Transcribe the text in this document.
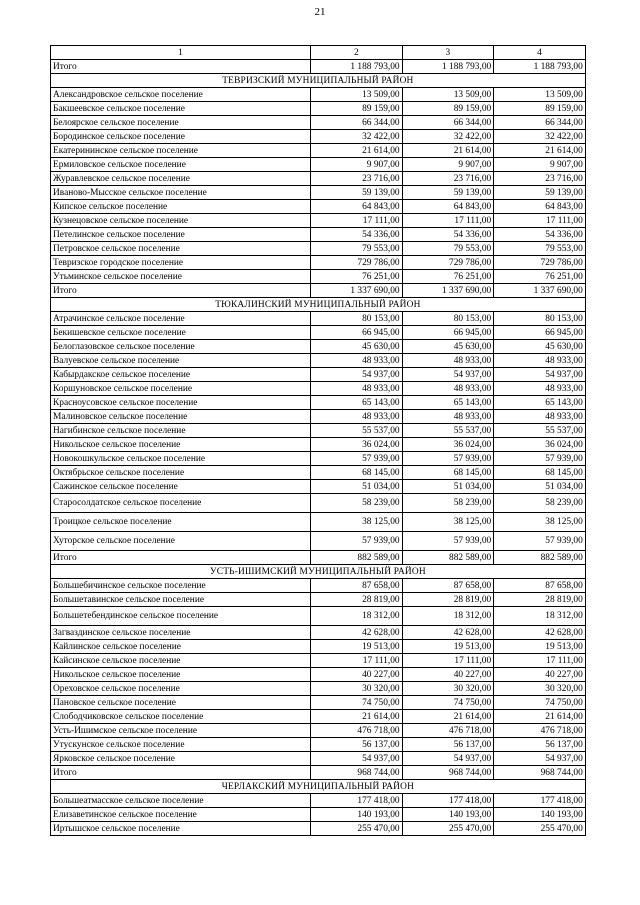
21
1	2	3	4
Итого	1 188 793,00	1 188 793,00	1 188 793,00
ТЕВРИЗСКИЙ МУНИЦИПАЛЬНЫЙ РАЙОН			
Александровское сельское поселение	13 509,00	13 509,00	13 509,00
Бакшеевское сельское поселение	89 159,00	89 159,00	89 159,00
Белоярское сельское поселение	66 344,00	66 344,00	66 344,00
Бородинское сельское поселение	32 422,00	32 422,00	32 422,00
Екатерининское сельское поселение	21 614,00	21 614,00	21 614,00
Ермиловское сельское поселение	9 907,00	9 907,00	9 907,00
Журавлевское сельское поселение	23 716,00	23 716,00	23 716,00
Иваново-Мысское сельское поселение	59 139,00	59 139,00	59 139,00
Кипское сельское поселение	64 843,00	64 843,00	64 843,00
Кузнецовское сельское поселение	17 111,00	17 111,00	17 111,00
Петелинское сельское поселение	54 336,00	54 336,00	54 336,00
Петровское сельское поселение	79 553,00	79 553,00	79 553,00
Тевризское городское поселение	729 786,00	729 786,00	729 786,00
Утьминское сельское поселение	76 251,00	76 251,00	76 251,00
Итого	1 337 690,00	1 337 690,00	1 337 690,00
ТЮКАЛИНСКИЙ МУНИЦИПАЛЬНЫЙ РАЙОН			
Атрачинское сельское поселение	80 153,00	80 153,00	80 153,00
Бекишевское сельское поселение	66 945,00	66 945,00	66 945,00
Белоглазовское сельское поселение	45 630,00	45 630,00	45 630,00
Валуевское сельское поселение	48 933,00	48 933,00	48 933,00
Кабырдакское сельское поселение	54 937,00	54 937,00	54 937,00
Коршуновское сельское поселение	48 933,00	48 933,00	48 933,00
Красноусовское сельское поселение	65 143,00	65 143,00	65 143,00
Малиновское сельское поселение	48 933,00	48 933,00	48 933,00
Нагибинское сельское поселение	55 537,00	55 537,00	55 537,00
Никольское сельское поселение	36 024,00	36 024,00	36 024,00
Новокошкульское сельское поселение	57 939,00	57 939,00	57 939,00
Октябрьское сельское поселение	68 145,00	68 145,00	68 145,00
Сажинское сельское поселение	51 034,00	51 034,00	51 034,00
Старосолдатское сельское поселение	58 239,00	58 239,00	58 239,00
Троицкое сельское поселение	38 125,00	38 125,00	38 125,00
Хуторское сельское поселение	57 939,00	57 939,00	57 939,00
Итого	882 589,00	882 589,00	882 589,00
УСТЬ-ИШИМСКИЙ МУНИЦИПАЛЬНЫЙ РАЙОН			
Большебичинское сельское поселение	87 658,00	87 658,00	87 658,00
Большетавинское сельское поселение	28 819,00	28 819,00	28 819,00
Большетебендинское сельское поселение	18 312,00	18 312,00	18 312,00
Загваздинское сельское поселение	42 628,00	42 628,00	42 628,00
Кайлинское сельское поселение	19 513,00	19 513,00	19 513,00
Кайсинское сельское поселение	17 111,00	17 111,00	17 111,00
Никольское сельское поселение	40 227,00	40 227,00	40 227,00
Ореховское сельское поселение	30 320,00	30 320,00	30 320,00
Пановское сельское поселение	74 750,00	74 750,00	74 750,00
Слободчиковское сельское поселение	21 614,00	21 614,00	21 614,00
Усть-Ишимское сельское поселение	476 718,00	476 718,00	476 718,00
Утускунское сельское поселение	56 137,00	56 137,00	56 137,00
Ярковское сельское поселение	54 937,00	54 937,00	54 937,00
Итого	968 744,00	968 744,00	968 744,00
ЧЕРЛАКСКИЙ МУНИЦИПАЛЬНЫЙ РАЙОН			
Большеатмасское сельское поселение	177 418,00	177 418,00	177 418,00
Елизаветинское сельское поселение	140 193,00	140 193,00	140 193,00
Иртышское сельское поселение	255 470,00	255 470,00	255 470,00
